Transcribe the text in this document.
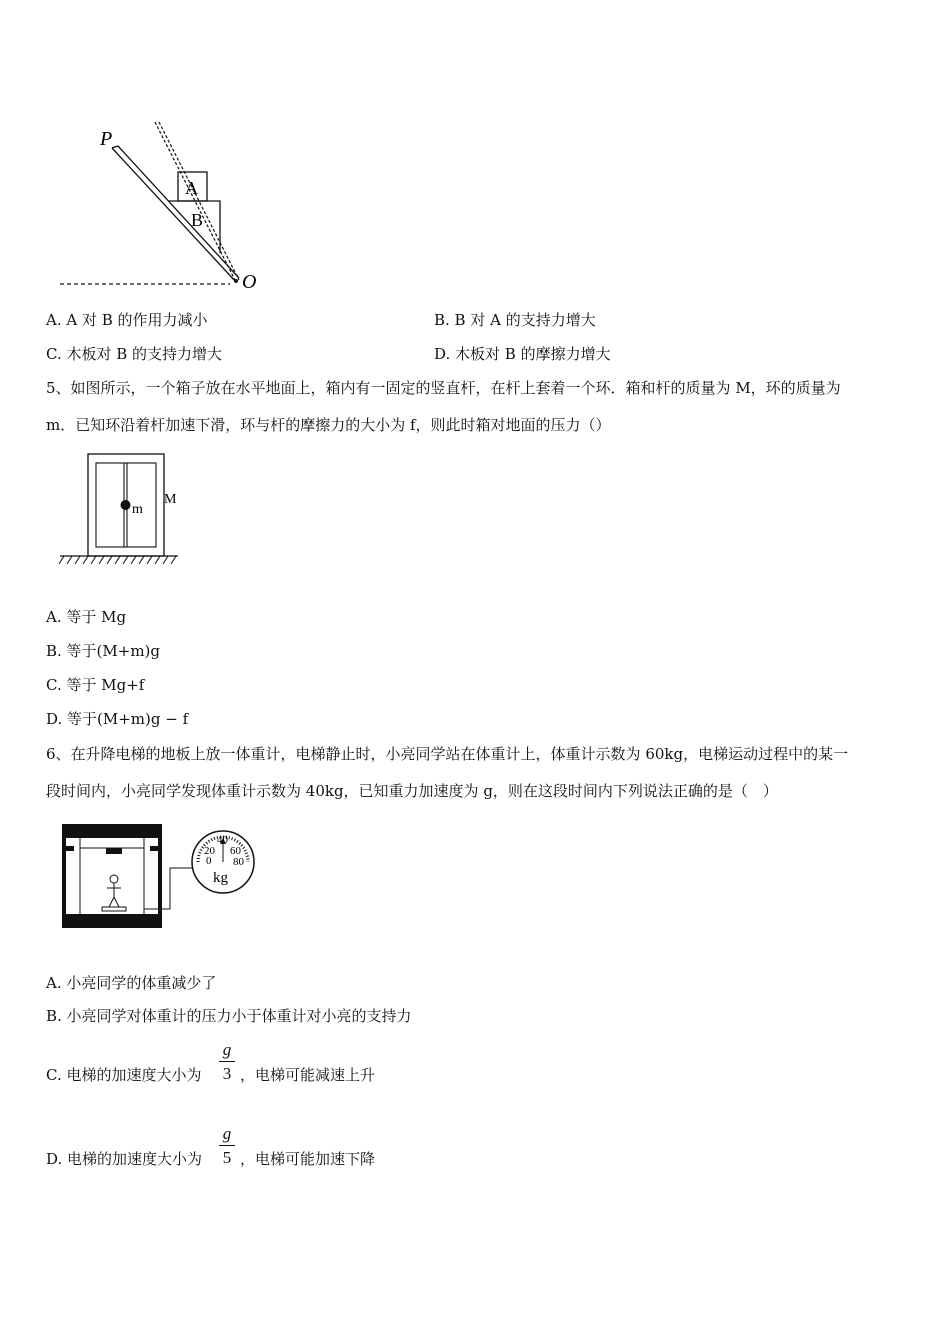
P
A
B
O
A. A 对 B 的作用力减小	B. B 对 A 的支持力增大
C. 木板对 B 的支持力增大	D. 木板对 B 的摩擦力增大
5、如图所示，一个箱子放在水平地面上，箱内有一固定的竖直杆，在杆上套着一个环．箱和杆的质量为 M，环的质量为
m．已知环沿着杆加速下滑，环与杆的摩擦力的大小为 f，则此时箱对地面的压力（）
m
M
A. 等于 Mg
B. 等于(M+m)g
C. 等于 Mg+f
D. 等于(M+m)g − f
6、在升降电梯的地板上放一体重计，电梯静止时，小亮同学站在体重计上，体重计示数为 60kg，电梯运动过程中的某一
段时间内，小亮同学发现体重计示数为 40kg，已知重力加速度为 g，则在这段时间内下列说法正确的是（　）
20
40
60
0 80
kg
A. 小亮同学的体重减少了
B. 小亮同学对体重计的压力小于体重计对小亮的支持力
C. 电梯的加速度大小为
g
3 ，电梯可能减速上升
D. 电梯的加速度大小为
g
5 ，电梯可能加速下降
